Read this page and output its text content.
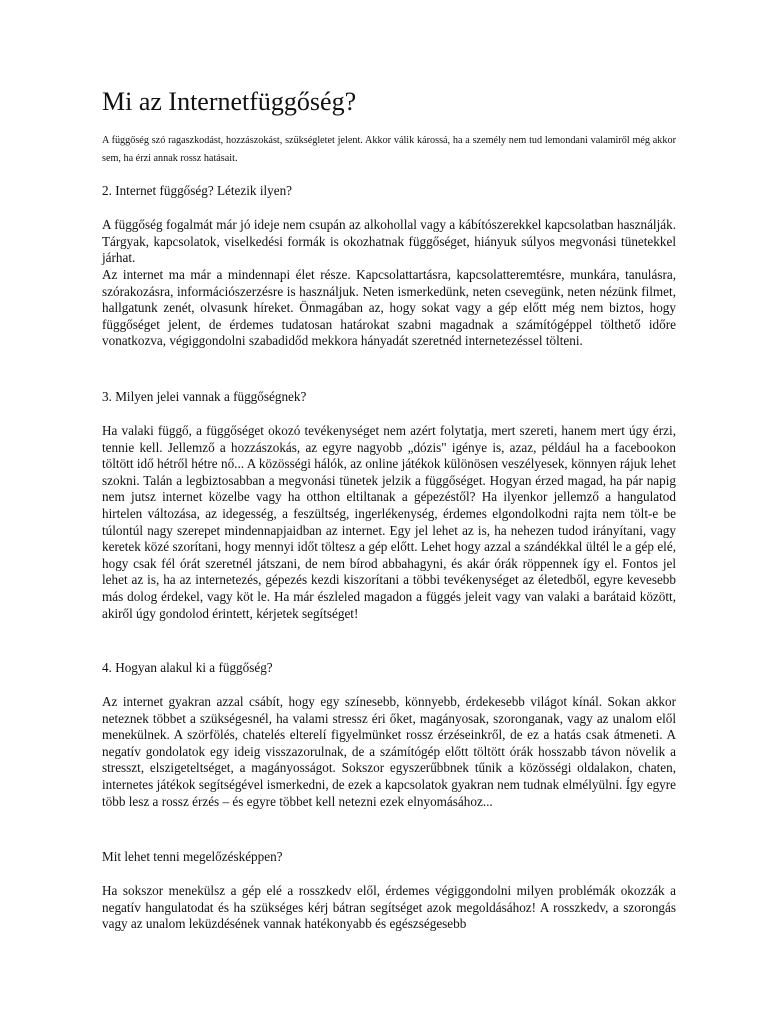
Mi az Internetfüggőség?

A függőség szó ragaszkodást, hozzászokást, szükségletet jelent. Akkor válik károssá, ha a személy nem tud lemondani valamiről még akkor sem, ha érzi annak rossz hatásait.

2. Internet függőség? Létezik ilyen?

A függőség fogalmát már jó ideje nem csupán az alkohollal vagy a kábítószerekkel kapcsolatban használják. Tárgyak, kapcsolatok, viselkedési formák is okozhatnak függőséget, hiányuk súlyos megvonási tünetekkel járhat.

Az internet ma már a mindennapi élet része. Kapcsolattartásra, kapcsolatteremtésre, munkára, tanulásra, szórakozásra, információszerzésre is használjuk. Neten ismerkedünk, neten csevegünk, neten nézünk filmet, hallgatunk zenét, olvasunk híreket. Önmagában az, hogy sokat vagy a gép előtt még nem biztos, hogy függőséget jelent, de érdemes tudatosan határokat szabni magadnak a számítógéppel tölthető időre vonatkozva, végiggondolni szabadidőd mekkora hányadát szeretnéd internetezéssel tölteni.

3. Milyen jelei vannak a függőségnek?

Ha valaki függő, a függőséget okozó tevékenységet nem azért folytatja, mert szereti, hanem mert úgy érzi, tennie kell. Jellemző a hozzászokás, az egyre nagyobb „dózis" igénye is, azaz, például ha a facebookon töltött idő hétről hétre nő... A közösségi hálók, az online játékok különösen veszélyesek, könnyen rájuk lehet szokni. Talán a legbiztosabban a megvonási tünetek jelzik a függőséget. Hogyan érzed magad, ha pár napig nem jutsz internet közelbe vagy ha otthon eltiltanak a gépezéstől? Ha ilyenkor jellemző a hangulatod hirtelen változása, az idegesség, a feszültség, ingerlékenység, érdemes elgondolkodni rajta nem tölt-e be túlontúl nagy szerepet mindennapjaidban az internet. Egy jel lehet az is, ha nehezen tudod irányítani, vagy keretek közé szorítani, hogy mennyi időt töltesz a gép előtt. Lehet hogy azzal a szándékkal ültél le a gép elé, hogy csak fél órát szeretnél játszani, de nem bírod abbahagyni, és akár órák röppennek így el. Fontos jel lehet az is, ha az internetezés, gépezés kezdi kiszorítani a többi tevékenységet az életedből, egyre kevesebb más dolog érdekel, vagy köt le. Ha már észleled magadon a függés jeleit vagy van valaki a barátaid között, akiről úgy gondolod érintett, kérjetek segítséget!

4. Hogyan alakul ki a függőség?

Az internet gyakran azzal csábít, hogy egy színesebb, könnyebb, érdekesebb világot kínál. Sokan akkor neteznek többet a szükségesnél, ha valami stressz éri őket, magányosak, szoronganak, vagy az unalom elől menekülnek. A szörfölés, chatelés elterelí figyelmünket rossz érzéseinkről, de ez a hatás csak átmeneti. A negatív gondolatok egy ideig visszazorulnak, de a számítógép előtt töltött órák hosszabb távon növelik a stresszt, elszigeteltséget, a magányosságot. Sokszor egyszerűbbnek tűnik a közösségi oldalakon, chaten, internetes játékok segítségével ismerkedni, de ezek a kapcsolatok gyakran nem tudnak elmélyülni. Így egyre több lesz a rossz érzés – és egyre többet kell netezni ezek elnyomásához...

Mit lehet tenni megelőzésképpen?

Ha sokszor menekülsz a gép elé a rosszkedv elől, érdemes végiggondolni milyen problémák okozzák a negatív hangulatodat és ha szükséges kérj bátran segítséget azok megoldásához! A rosszkedv, a szorongás vagy az unalom leküzdésének vannak hatékonyabb és egészségesebb
